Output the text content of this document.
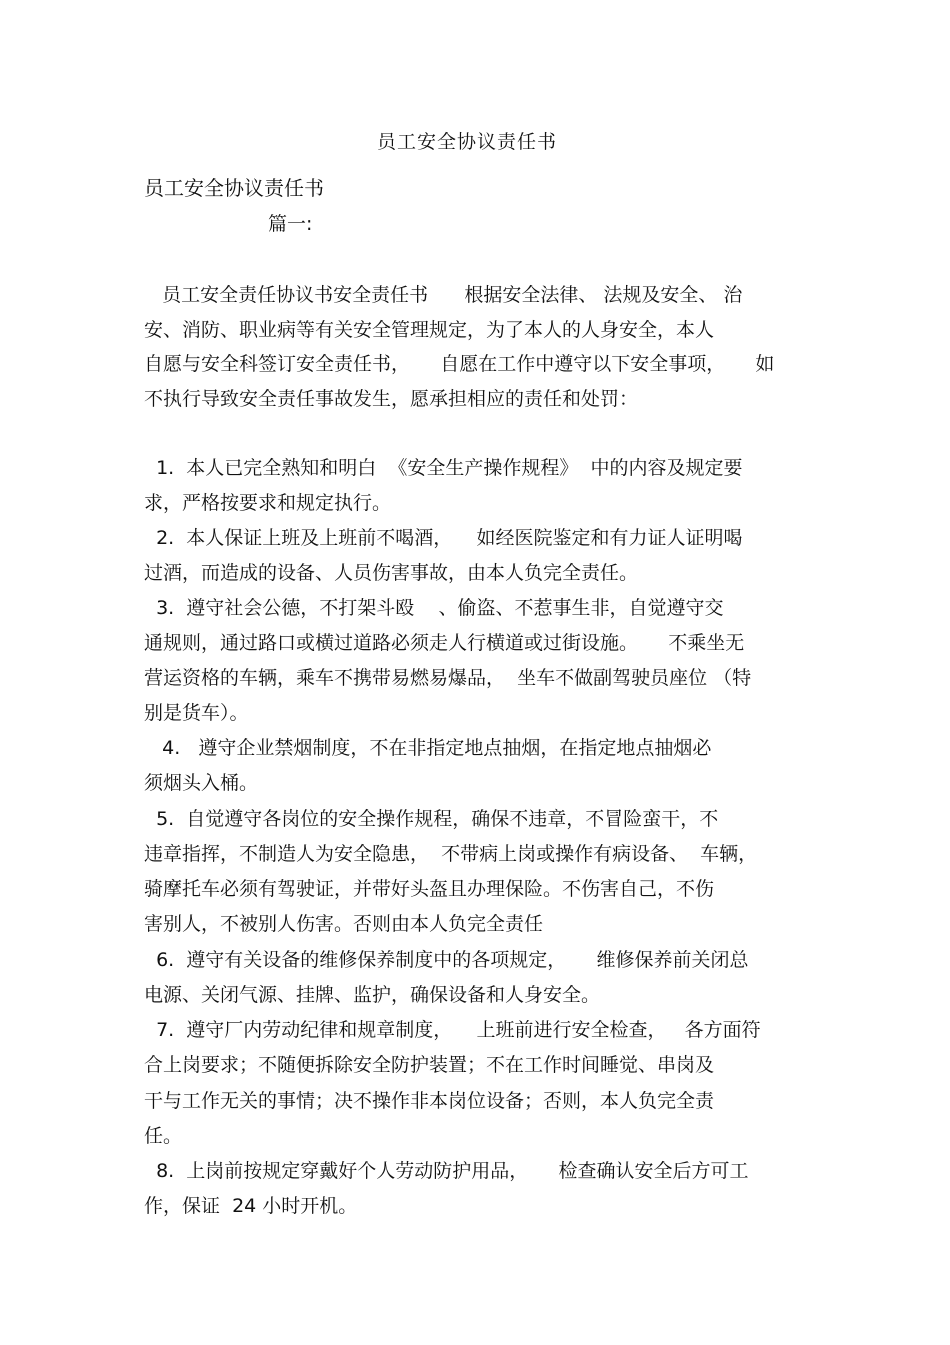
员工安全协议责任书
员工安全协议责任书
篇一:
员工安全责任协议书安全责任书      根据安全法律、 法规及安全、 治
安、消防、职业病等有关安全管理规定，为了本人的人身安全，本人
自愿与安全科签订安全责任书，     自愿在工作中遵守以下安全事项，     如
不执行导致安全责任事故发生，愿承担相应的责任和处罚：
1.  本人已完全熟知和明白  《安全生产操作规程》  中的内容及规定要
求，严格按要求和规定执行。
2.  本人保证上班及上班前不喝酒，    如经医院鉴定和有力证人证明喝
过酒，而造成的设备、人员伤害事故，由本人负完全责任。
3.  遵守社会公德，不打架斗殴    、偷盗、不惹事生非，自觉遵守交
通规则，通过路口或横过道路必须走人行横道或过街设施。     不乘坐无
营运资格的车辆，乘车不携带易燃易爆品，  坐车不做副驾驶员座位 （特
别是货车）。
4.   遵守企业禁烟制度，不在非指定地点抽烟，在指定地点抽烟必
须烟头入桶。
5.  自觉遵守各岗位的安全操作规程，确保不违章，不冒险蛮干，不
违章指挥，不制造人为安全隐患，  不带病上岗或操作有病设备、  车辆，
骑摩托车必须有驾驶证，并带好头盔且办理保险。不伤害自己，不伤
害别人，不被别人伤害。否则由本人负完全责任
6.  遵守有关设备的维修保养制度中的各项规定，     维修保养前关闭总
电源、关闭气源、挂牌、监护，确保设备和人身安全。
7.  遵守厂内劳动纪律和规章制度，    上班前进行安全检查，   各方面符
合上岗要求；不随便拆除安全防护装置；不在工作时间睡觉、串岗及
干与工作无关的事情；决不操作非本岗位设备；否则，本人负完全责
任。
8.  上岗前按规定穿戴好个人劳动防护用品，     检查确认安全后方可工
作，保证  24 小时开机。
